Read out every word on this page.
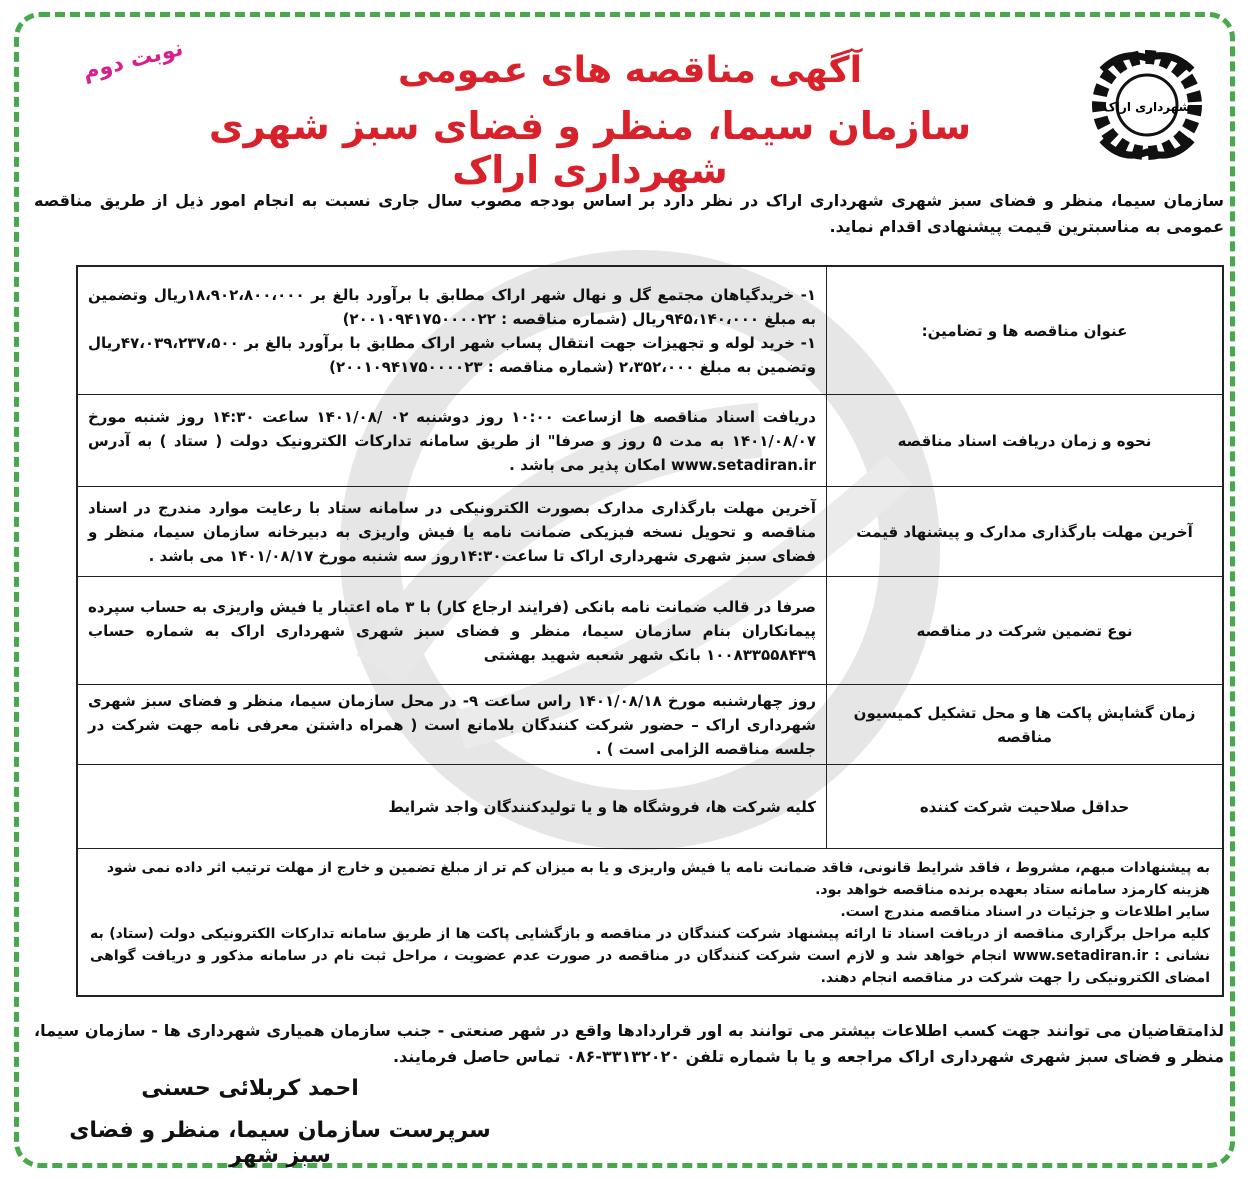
شهرداری اراک
نوبت دوم	آگهی مناقصه های عمومی
سازمان سیما، منظر و فضای سبز شهری شهرداری اراک
سازمان سیما، منظر و فضای سبز شهری شهرداری اراک در نظر دارد بر اساس بودجه مصوب سال جاری نسبت به انجام امور ذیل از طریق مناقصه عمومی به مناسبترین قیمت پیشنهادی اقدام نماید.
عنوان مناقصه ها و تضامین:

۱- خریدگیاهان مجتمع گل و نهال شهر اراک مطابق با برآورد بالغ بر ۱۸،۹۰۲،۸۰۰،۰۰۰ریال وتضمین به مبلغ ۹۴۵،۱۴۰،۰۰۰ریال (شماره مناقصه : ۲۰۰۱۰۹۴۱۷۵۰۰۰۰۲۲)

۱- خرید لوله و تجهیزات جهت انتقال پساب شهر اراک مطابق با برآورد بالغ بر ۴۷،۰۳۹،۲۳۷،۵۰۰ریال وتضمین به مبلغ ۲،۳۵۲،۰۰۰ (شماره مناقصه : ۲۰۰۱۰۹۴۱۷۵۰۰۰۰۲۳)

نحوه و زمان دریافت اسناد مناقصه

دریافت اسناد مناقصه ها ازساعت ۱۰:۰۰ روز دوشنبه ۰۲ /۱۴۰۱/۰۸ ساعت ۱۴:۳۰ روز شنبه مورخ ۱۴۰۱/۰۸/۰۷ به مدت ۵ روز و صرفا" از طریق سامانه تدارکات الکترونیک دولت ( ستاد ) به آدرس www.setadiran.ir امکان پذیر می باشد .

آخرین مهلت بارگذاری مدارک و پیشنهاد قیمت

آخرین مهلت بارگذاری مدارک بصورت الکترونیکی در سامانه ستاد با رعایت موارد مندرج در اسناد مناقصه و تحویل نسخه فیزیکی ضمانت نامه یا فیش واریزی به دبیرخانه سازمان سیما، منظر و فضای سبز شهری شهرداری اراک تا ساعت۱۴:۳۰روز سه شنبه مورخ ۱۴۰۱/۰۸/۱۷ می باشد .

نوع تضمین شرکت در مناقصه

صرفا در قالب ضمانت نامه بانکی (فرایند ارجاع کار) با ۳ ماه اعتبار یا فیش واریزی به حساب سپرده پیمانکاران بنام سازمان سیما، منظر و فضای سبز شهری شهرداری اراک به شماره حساب ۱۰۰۸۳۳۵۵۸۴۳۹ بانک شهر شعبه شهید بهشتی

زمان گشایش پاکت ها و محل تشکیل کمیسیون مناقصه

روز چهارشنبه مورخ ۱۴۰۱/۰۸/۱۸ راس ساعت ۹- در محل سازمان سیما، منظر و فضای سبز شهری شهرداری اراک – حضور شرکت کنندگان بلامانع است ( همراه داشتن معرفی نامه جهت شرکت در جلسه مناقصه الزامی است ) .

حداقل صلاحیت شرکت کننده

کلیه شرکت ها، فروشگاه ها و یا تولیدکنندگان واجد شرایط

به پیشنهادات مبهم، مشروط ، فاقد شرایط قانونی، فاقد ضمانت نامه یا فیش واریزی و یا به میزان کم تر از مبلغ تضمین و خارج از مهلت ترتیب اثر داده نمی شود

هزینه کارمزد سامانه ستاد بعهده برنده مناقصه خواهد بود.

سایر اطلاعات و جزئیات در اسناد مناقصه مندرج است.

کلیه مراحل برگزاری مناقصه از دریافت اسناد تا ارائه پیشنهاد شرکت کنندگان در مناقصه و بازگشایی پاکت ها از طریق سامانه تدارکات الکترونیکی دولت (ستاد) به نشانی : www.setadiran.ir انجام خواهد شد و لازم است شرکت کنندگان در مناقصه در صورت عدم عضویت ، مراحل ثبت نام در سامانه مذکور و دریافت گواهی امضای الکترونیکی را جهت شرکت در مناقصه انجام دهند.

لذامتقاضیان می توانند جهت کسب اطلاعات بیشتر می توانند به اور قراردادها واقع در شهر صنعتی - جنب سازمان همیاری شهرداری ها - سازمان سیما، منظر و فضای سبز شهری شهرداری اراک مراجعه و یا با شماره تلفن ۳۳۱۳۲۰۲۰-۰۸۶ تماس حاصل فرمایند.
احمد کربلائی حسنی
سرپرست سازمان سیما، منظر و فضای سبز شهر
